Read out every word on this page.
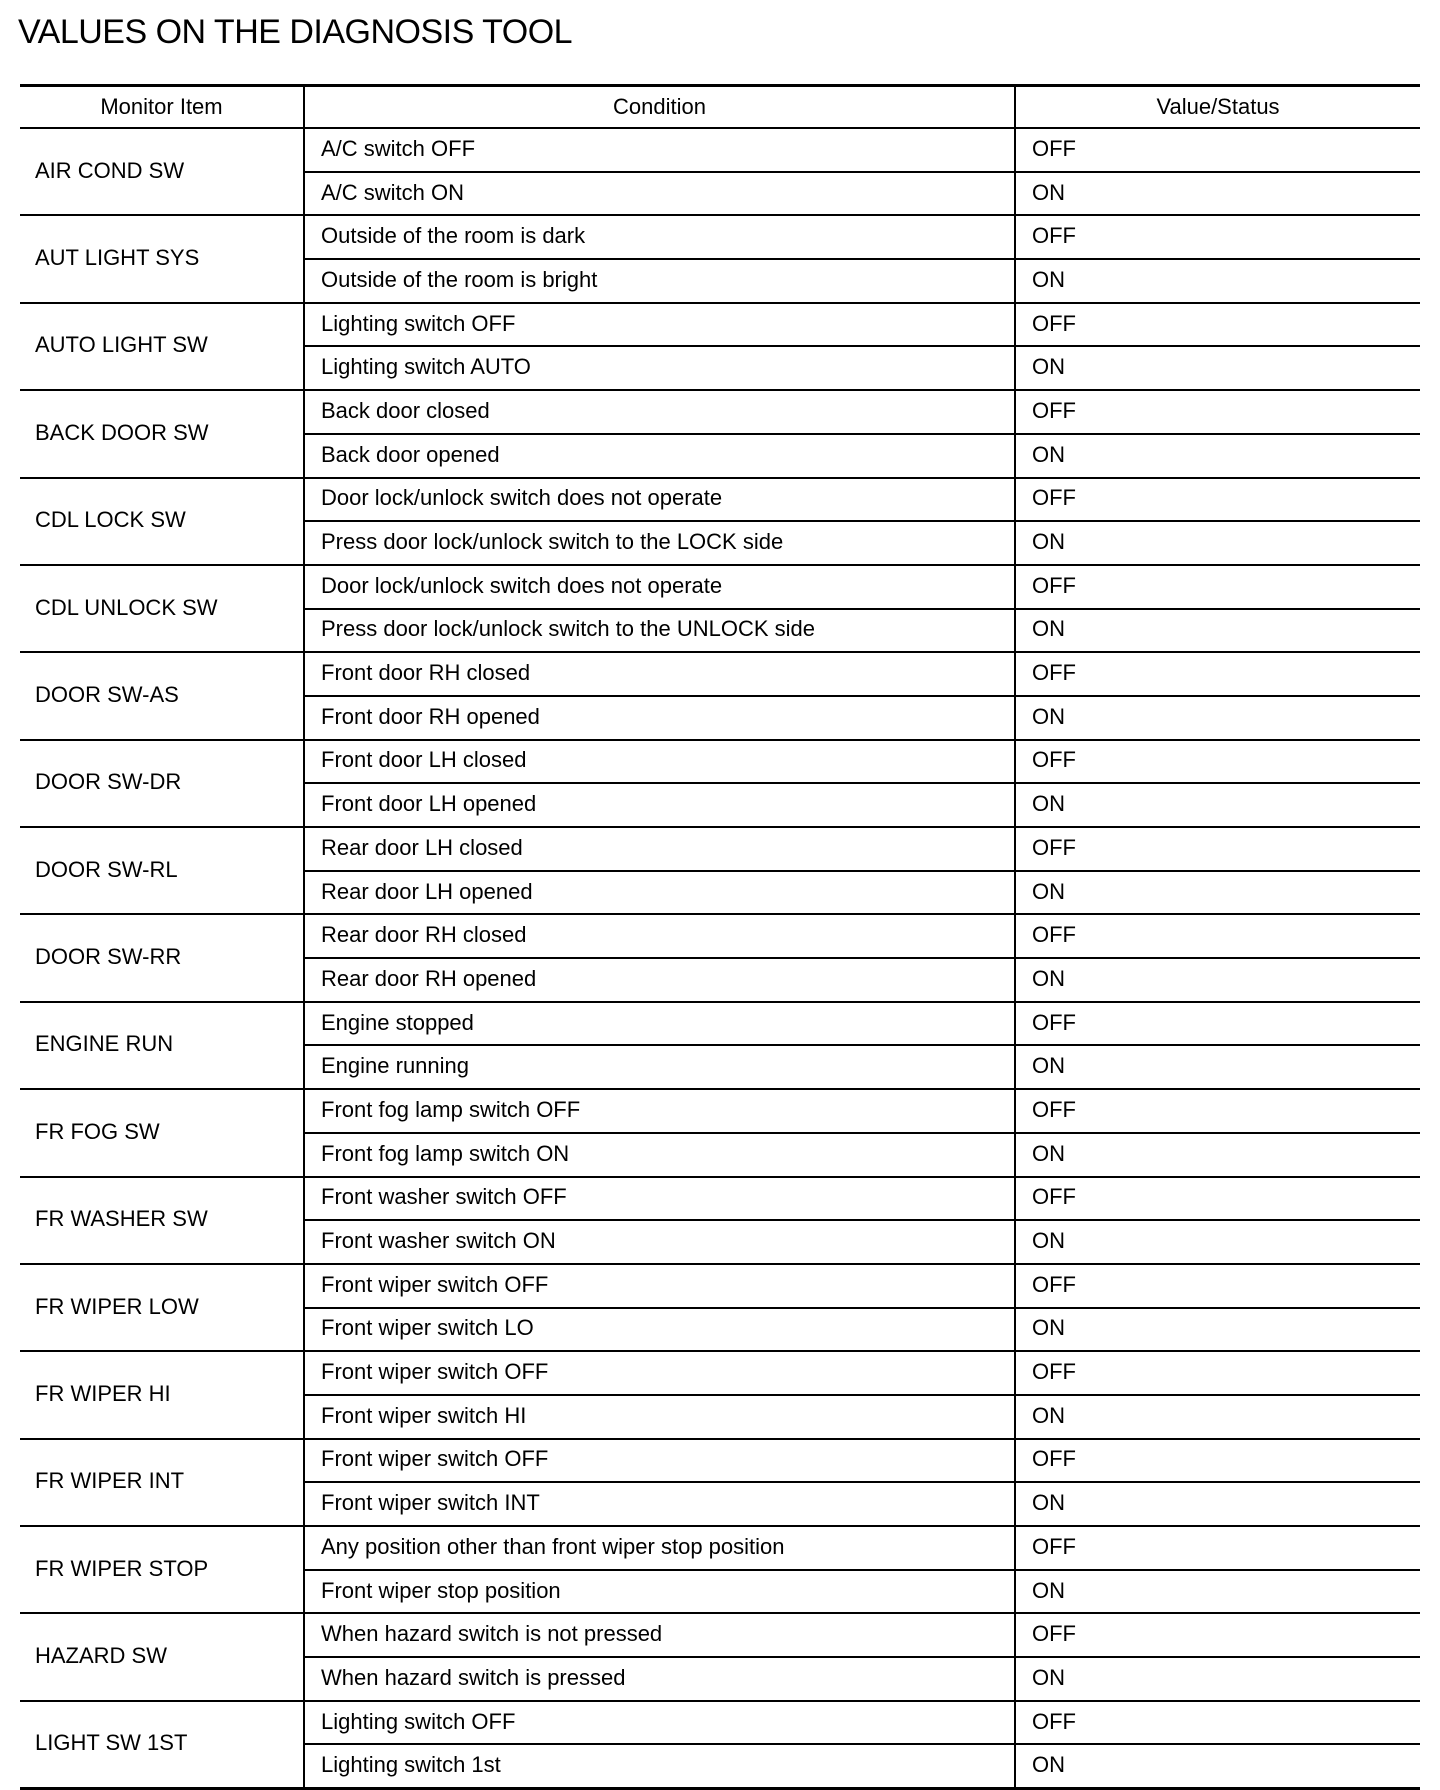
VALUES ON THE DIAGNOSIS TOOL
Monitor Item	Condition	Value/Status
AIR COND SW	A/C switch OFF	OFF
	A/C switch ON	ON
AUT LIGHT SYS	Outside of the room is dark	OFF
	Outside of the room is bright	ON
AUTO LIGHT SW	Lighting switch OFF	OFF
	Lighting switch AUTO	ON
BACK DOOR SW	Back door closed	OFF
	Back door opened	ON
CDL LOCK SW	Door lock/unlock switch does not operate	OFF
	Press door lock/unlock switch to the LOCK side	ON
CDL UNLOCK SW	Door lock/unlock switch does not operate	OFF
	Press door lock/unlock switch to the UNLOCK side	ON
DOOR SW-AS	Front door RH closed	OFF
	Front door RH opened	ON
DOOR SW-DR	Front door LH closed	OFF
	Front door LH opened	ON
DOOR SW-RL	Rear door LH closed	OFF
	Rear door LH opened	ON
DOOR SW-RR	Rear door RH closed	OFF
	Rear door RH opened	ON
ENGINE RUN	Engine stopped	OFF
	Engine running	ON
FR FOG SW	Front fog lamp switch OFF	OFF
	Front fog lamp switch ON	ON
FR WASHER SW	Front washer switch OFF	OFF
	Front washer switch ON	ON
FR WIPER LOW	Front wiper switch OFF	OFF
	Front wiper switch LO	ON
FR WIPER HI	Front wiper switch OFF	OFF
	Front wiper switch HI	ON
FR WIPER INT	Front wiper switch OFF	OFF
	Front wiper switch INT	ON
FR WIPER STOP	Any position other than front wiper stop position	OFF
	Front wiper stop position	ON
HAZARD SW	When hazard switch is not pressed	OFF
	When hazard switch is pressed	ON
LIGHT SW 1ST	Lighting switch OFF	OFF
	Lighting switch 1st	ON
